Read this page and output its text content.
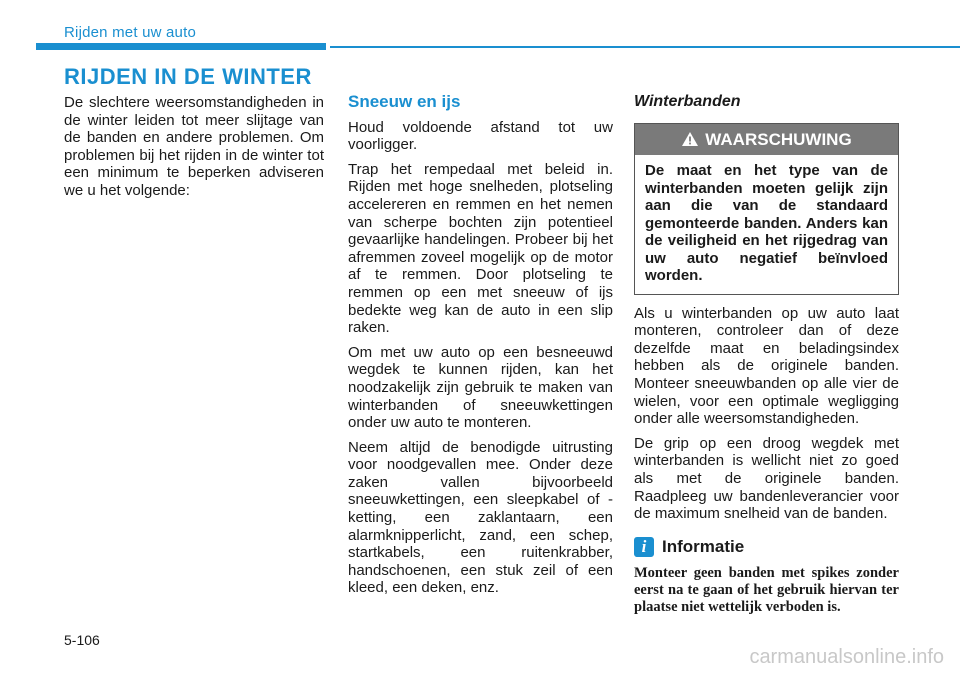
Rijden met uw auto
RIJDEN IN DE WINTER

De slechtere weersomstandigheden in de winter leiden tot meer slijtage van de banden en andere problemen. Om problemen bij het rijden in de winter tot een minimum te beperken adviseren we u het volgende:

Sneeuw en ijs

Houd voldoende afstand tot uw voorligger.

Trap het rempedaal met beleid in. Rijden met hoge snelheden, plotseling accelereren en remmen en het nemen van scherpe bochten zijn potentieel gevaarlijke handelingen. Probeer bij het afremmen zoveel mogelijk op de motor af te remmen. Door plotseling te remmen op een met sneeuw of ijs bedekte weg kan de auto in een slip raken.

Om met uw auto op een besneeuwd wegdek te kunnen rijden, kan het noodzakelijk zijn gebruik te maken van winterbanden of sneeuwkettingen onder uw auto te monteren.

Neem altijd de benodigde uitrusting voor noodgevallen mee. Onder deze zaken vallen bijvoorbeeld sneeuwkettingen, een sleepkabel of -ketting, een zaklantaarn, een alarmknipperlicht, zand, een schep, startkabels, een ruitenkrabber, handschoenen, een stuk zeil of een kleed, een deken, enz.

Winterbanden
WAARSCHUWING
De maat en het type van de winterbanden moeten gelijk zijn aan die van de standaard gemonteerde banden. Anders kan de veiligheid en het rijgedrag van uw auto negatief beïnvloed worden.

Als u winterbanden op uw auto laat monteren, controleer dan of deze dezelfde maat en beladingsindex hebben als de originele banden. Monteer sneeuwbanden op alle vier de wielen, voor een optimale wegligging onder alle weersomstandigheden.

De grip op een droog wegdek met winterbanden is wellicht niet zo goed als met de originele banden. Raadpleeg uw bandenleverancier voor de maximum snelheid van de banden.

i Informatie
Monteer geen banden met spikes zonder eerst na te gaan of het gebruik hiervan ter plaatse niet wettelijk verboden is.
5-106
carmanualsonline.info
